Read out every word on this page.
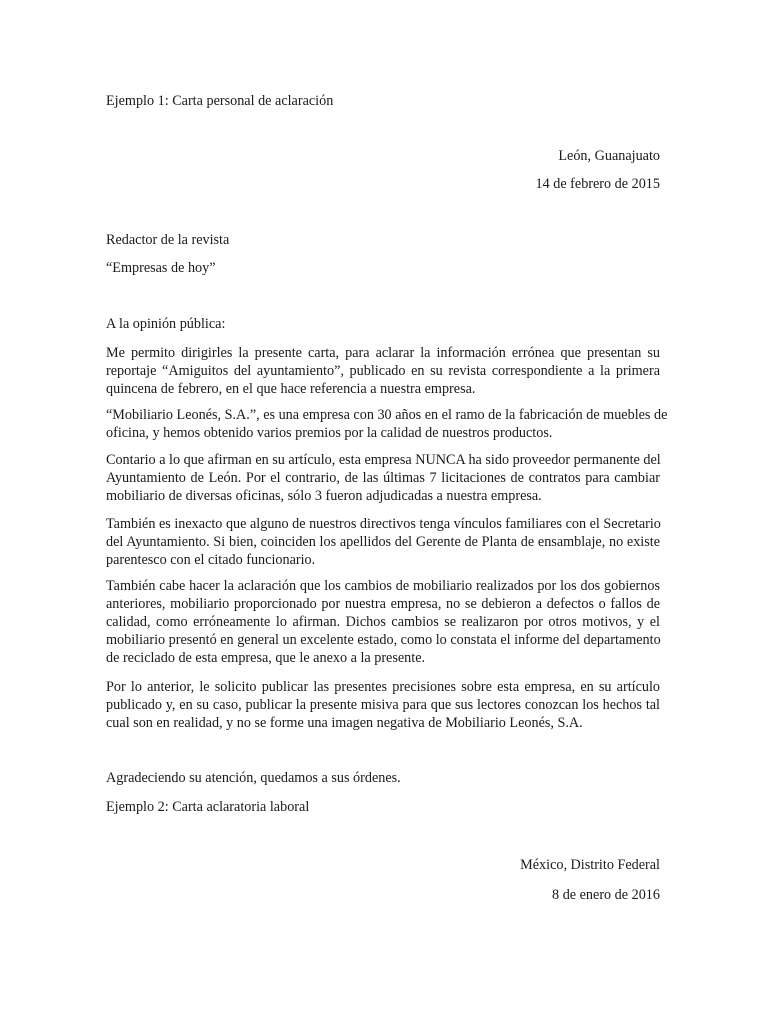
Ejemplo 1: Carta personal de aclaración
León, Guanajuato
14 de febrero de 2015
Redactor de la revista
“Empresas de hoy”
A la opinión pública:
Me permito dirigirles la presente carta, para aclarar la información errónea que presentan su
reportaje “Amiguitos del ayuntamiento”, publicado en su revista correspondiente a la primera
quincena de febrero, en el que hace referencia a nuestra empresa.
“Mobiliario Leonés, S.A.”, es una empresa con 30 años en el ramo de la fabricación de muebles de
oficina, y hemos obtenido varios premios por la calidad de nuestros productos.
Contario a lo que afirman en su artículo, esta empresa NUNCA ha sido proveedor permanente del
Ayuntamiento de León. Por el contrario, de las últimas 7 licitaciones de contratos para cambiar
mobiliario de diversas oficinas, sólo 3 fueron adjudicadas a nuestra empresa.
También es inexacto que alguno de nuestros directivos tenga vínculos familiares con el Secretario
del Ayuntamiento. Si bien, coinciden los apellidos del Gerente de Planta de ensamblaje, no existe
parentesco con el citado funcionario.
También cabe hacer la aclaración que los cambios de mobiliario realizados por los dos gobiernos
anteriores, mobiliario proporcionado por nuestra empresa, no se debieron a defectos o fallos de
calidad, como erróneamente lo afirman. Dichos cambios se realizaron por otros motivos, y el
mobiliario presentó en general un excelente estado, como lo constata el informe del departamento
de reciclado de esta empresa, que le anexo a la presente.
Por lo anterior, le solicito publicar las presentes precisiones sobre esta empresa, en su artículo
publicado y, en su caso, publicar la presente misiva para que sus lectores conozcan los hechos tal
cual son en realidad, y no se forme una imagen negativa de Mobiliario Leonés, S.A.
Agradeciendo su atención, quedamos a sus órdenes.
Ejemplo 2: Carta aclaratoria laboral
México, Distrito Federal
8 de enero de 2016
